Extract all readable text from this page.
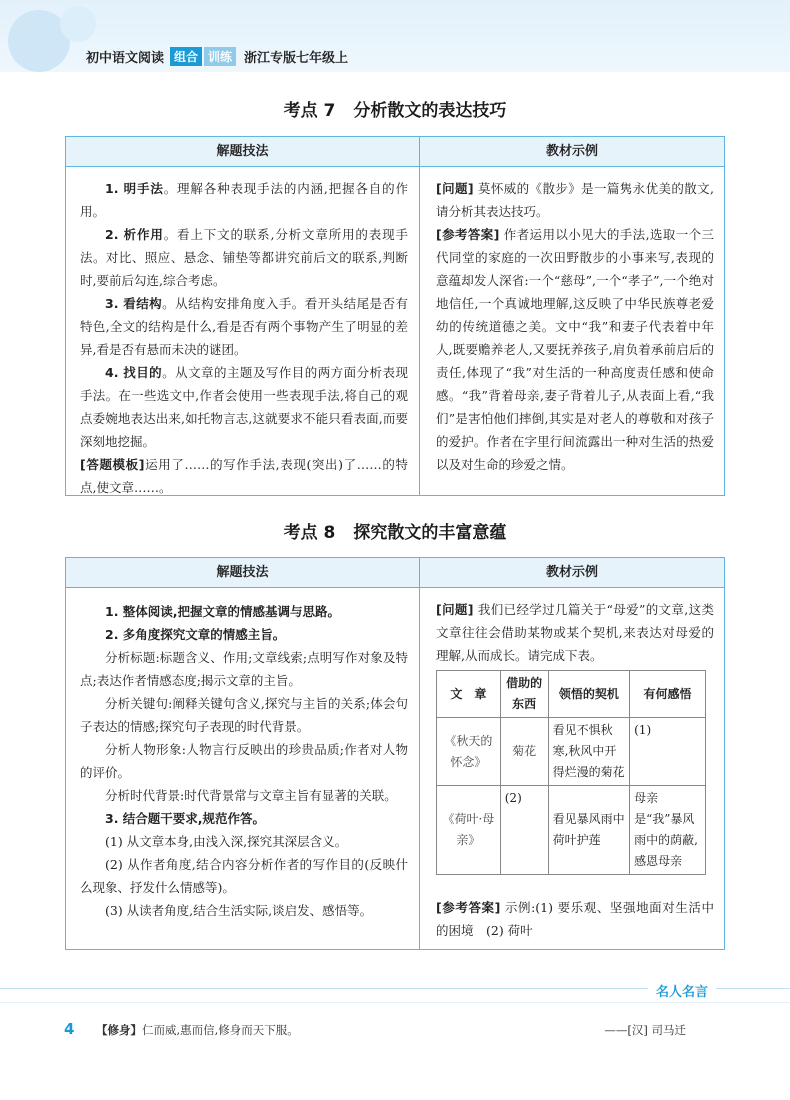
初中语文阅读 组合 训练 浙江专版七年级上
考点 7 分析散文的表达技巧
解题技法	教材示例

1. 明手法。理解各种表现手法的内涵,把握各自的作用。

2. 析作用。看上下文的联系,分析文章所用的表现手法。对比、照应、悬念、铺垫等都讲究前后文的联系,判断时,要前后勾连,综合考虑。

3. 看结构。从结构安排角度入手。看开头结尾是否有特色,全文的结构是什么,看是否有两个事物产生了明显的差异,看是否有悬而未决的谜团。

4. 找目的。从文章的主题及写作目的两方面分析表现手法。在一些选文中,作者会使用一些表现手法,将自己的观点委婉地表达出来,如托物言志,这就要求不能只看表面,而要深刻地挖掘。

[答题模板]运用了……的写作手法,表现(突出)了……的特点,使文章……。

[问题] 莫怀威的《散步》是一篇隽永优美的散文,请分析其表达技巧。

[参考答案] 作者运用以小见大的手法,选取一个三代同堂的家庭的一次田野散步的小事来写,表现的意蕴却发人深省:一个“慈母”,一个“孝子”,一个绝对地信任,一个真诚地理解,这反映了中华民族尊老爱幼的传统道德之美。文中“我”和妻子代表着中年人,既要赡养老人,又要抚养孩子,肩负着承前启后的责任,体现了“我”对生活的一种高度责任感和使命感。“我”背着母亲,妻子背着儿子,从表面上看,“我们”是害怕他们摔倒,其实是对老人的尊敬和对孩子的爱护。作者在字里行间流露出一种对生活的热爱以及对生命的珍爱之情。

考点 8 探究散文的丰富意蕴
解题技法	教材示例

1. 整体阅读,把握文章的情感基调与思路。

2. 多角度探究文章的情感主旨。

分析标题:标题含义、作用;文章线索;点明写作对象及特点;表达作者情感态度;揭示文章的主旨。

分析关键句:阐释关键句含义,探究与主旨的关系;体会句子表达的情感;探究句子表现的时代背景。

分析人物形象:人物言行反映出的珍贵品质;作者对人物的评价。

分析时代背景:时代背景常与文章主旨有显著的关联。

3. 结合题干要求,规范作答。

(1) 从文章本身,由浅入深,探究其深层含义。

(2) 从作者角度,结合内容分析作者的写作目的(反映什么现象、抒发什么情感等)。

(3) 从读者角度,结合生活实际,谈启发、感悟等。

[问题] 我们已经学过几篇关于“母爱”的文章,这类文章往往会借助某物或某个契机,来表达对母爱的理解,从而成长。请完成下表。

文　章	借助的东西	领悟的契机	有何感悟
《秋天的怀念》	菊花	看见不惧秋寒,秋风中开得烂漫的菊花	(1)
《荷叶·母亲》	(2)	看见暴风雨中荷叶护莲	母亲是“我”暴风雨中的荫蔽,感恩母亲

[参考答案] 示例:(1) 要乐观、坚强地面对生活中的困境　(2) 荷叶

名人名言
4 【修身】仁而威,惠而信,修身而天下服。	——[汉] 司马迁
